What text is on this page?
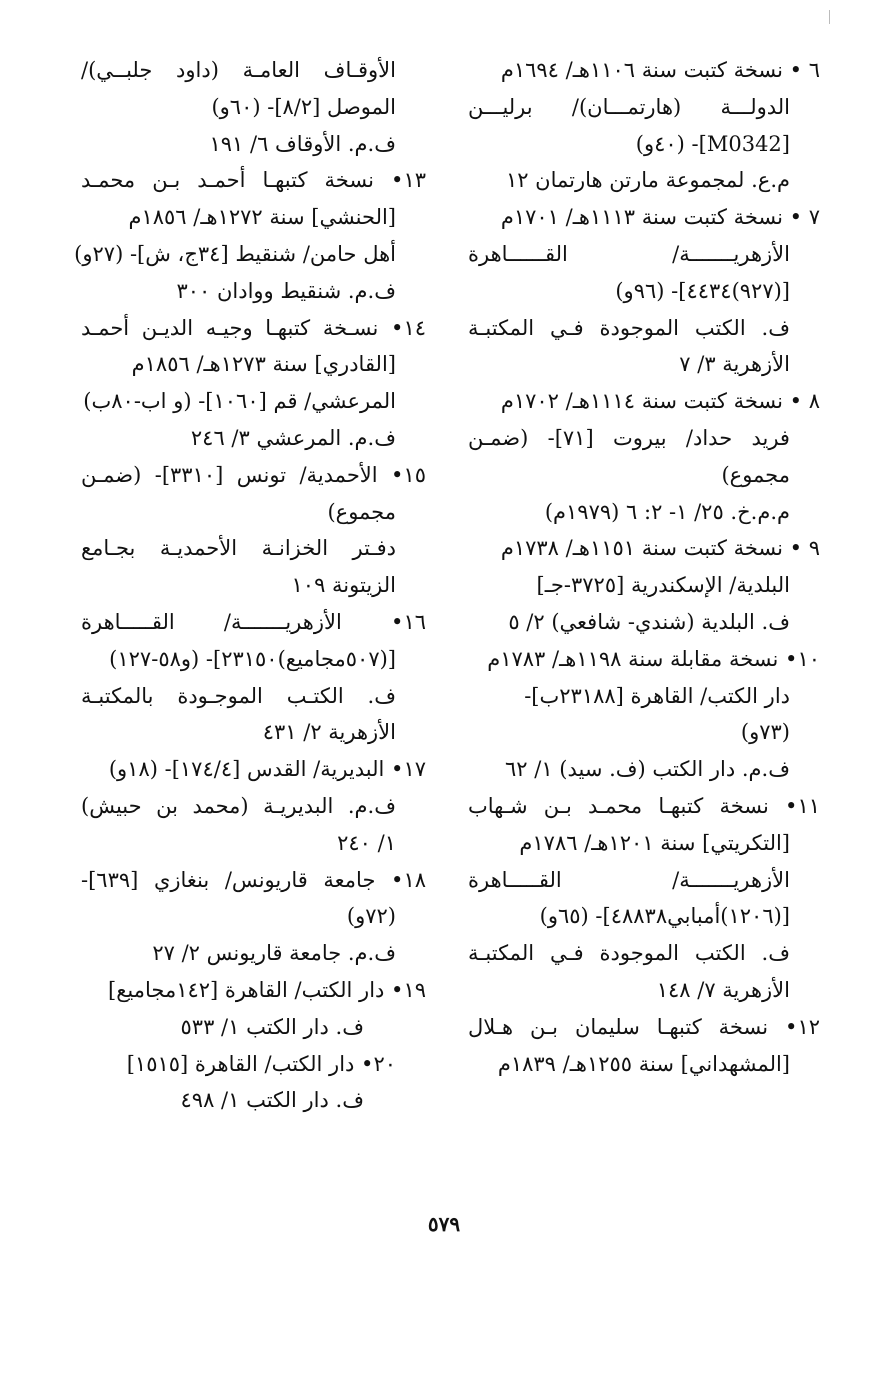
٦ • نسخة كتبت سنة ١١٠٦هـ/ ١٦٩٤م
الدولـــة (هارتمـــان)/ برليـــن
[M0342]- (٤٠و)
م.ع. لمجموعة مارتن هارتمان ١٢
٧ • نسخة كتبت سنة ١١١٣هـ/ ١٧٠١م
الأزهريـــــــة/ القــــــاهرة
[(٩٢٧)٤٤٣٤]- (٩٦و)
ف. الكتب الموجودة فـي المكتبـة
الأزهرية ٣/ ٧
٨ • نسخة كتبت سنة ١١١٤هـ/ ١٧٠٢م
فريد حداد/ بيروت [٧١]- (ضمـن
مجموع)
م.م.خ. ٢٥/ ١- ٢: ٦ (١٩٧٩م)
٩ • نسخة كتبت سنة ١١٥١هـ/ ١٧٣٨م
البلدية/ الإسكندرية [٣٧٢٥-جـ]
ف. البلدية (شندي- شافعي) ٢/ ٥
١٠• نسخة مقابلة سنة ١١٩٨هـ/ ١٧٨٣م
دار الكتب/ القاهرة [٢٣١٨٨ب]-
(٧٣و)
ف.م. دار الكتب (ف. سيد) ١/ ٦٢
١١• نسخة كتبهـا محمـد بـن شـهاب
[التكريتي] سنة ١٢٠١هـ/ ١٧٨٦م
الأزهريـــــــة/ القـــــاهرة
[(١٢٠٦)أمبابي٤٨٨٣٨]- (٦٥و)
ف. الكتب الموجودة فـي المكتبـة
الأزهرية ٧/ ١٤٨
١٢• نسخة كتبهـا سليمان بـن هـلال
[المشهداني] سنة ١٢٥٥هـ/ ١٨٣٩م
الأوقـاف العامـة (داود جلبــي)/
الموصل [٨/٢]- (٦٠و)
ف.م. الأوقاف ٦/ ١٩١
١٣• نسخة كتبهـا أحمـد بـن محمـد
[الحنشي] سنة ١٢٧٢هـ/ ١٨٥٦م
أهل حامن/ شنقيط [٣٤ج، ش]- (٢٧و)
ف.م. شنقيط ووادان ٣٠٠
١٤• نسـخة كتبهـا وجيـه الديـن أحمـد
[القادري] سنة ١٢٧٣هـ/ ١٨٥٦م
المرعشي/ قم [١٠٦٠]- (و اب-٨٠ب)
ف.م. المرعشي ٣/ ٢٤٦
١٥• الأحمدية/ تونس [٣٣١٠]- (ضمـن
مجموع)
دفـتر الخزانـة الأحمديـة بجـامع
الزيتونة ١٠٩
١٦• الأزهريـــــــة/ القـــــاهرة
[(٥٠٧مجاميع)٢٣١٥٠]- (و٥٨-١٢٧)
ف. الكتـب الموجـودة بالمكتبـة
الأزهرية ٢/ ٤٣١
١٧• البديرية/ القدس [١٧٤/٤]- (١٨و)
ف.م. البديريـة (محمد بن حبيش)
١/ ٢٤٠
١٨• جامعة قاريونس/ بنغازي [٦٣٩]-
(٧٢و)
ف.م. جامعة قاريونس ٢/ ٢٧
١٩• دار الكتب/ القاهرة [١٤٢مجاميع]
ف. دار الكتب ١/ ٥٣٣
٢٠• دار الكتب/ القاهرة [١٥١٥]
ف. دار الكتب ١/ ٤٩٨
٥٧٩
